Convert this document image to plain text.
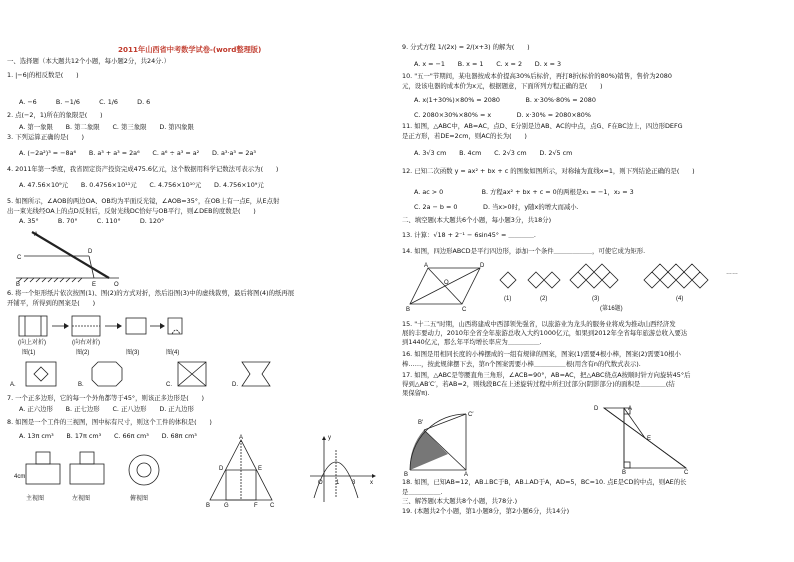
2011年山西省中考数学试卷-(word整理版)
一、选择题（本大题共12个小题，每小题2分，共24分.）
1. |−6|的相反数是(　　)
A. −6　　　B. −1/6　　　C. 1/6　　　D. 6
2. 点(−2，1)所在的象限是(　　)
A. 第一象限　　B. 第二象限　　C. 第三象限　　D. 第四象限
3. 下列运算正确的是(　　)
A. (−2a²)³ = −8a⁶　　B. a³ + a³ = 2a⁶　　C. a⁶ ÷ a³ = a²　　D. a³·a³ = 2a³
4. 2011年第一季度，我省固定资产投资完成475.6亿元，这个数据用科学记数法可表示为(　　)
A. 47.56×10⁹元　　B. 0.4756×10¹¹元　　C. 4.756×10¹⁰元　　D. 4.756×10⁹元
5. 如图所示，∠AOB的两边OA、OB均为平面反光镜，∠AOB=35°，在OB上有一点E，从E点射
出一束光线经OA上的点D反射后，反射光线DC恰好与OB平行，则∠DEB的度数是(　　)
A. 35°　　　B. 70°　　　C. 110°　　　D. 120°
6. 将一个矩形纸片依次按图(1)、图(2)的方式对折，然后沿图(3)中的虚线裁剪，最后将图(4)的纸再展
开铺平，所得到的图案是(　　)
7. 一个正多边形，它的每一个外角都等于45°，则该正多边形是(　　)
A. 正六边形　　B. 正七边形　　C. 正八边形　　D. 正九边形
8. 如图是一个工件的三视图，图中标有尺寸，则这个工件的体积是(　　)
A. 13π cm³　　B. 17π cm³　　C. 66π cm³　　D. 68π cm³
9. 分式方程 1/(2x) = 2/(x+3) 的解为(　　)
A. x = −1　　B. x = 1　　C. x = 2　　D. x = 3
10. "五一"节期间，某电器按成本价提高30%后标价，再打8折(标价的80%)销售，售价为2080
元，设该电器的成本价为x元，根据题意，下面所列方程正确的是(　　)
A. x(1+30%)×80% = 2080　　　　B. x·30%·80% = 2080
C. 2080×30%×80% = x　　　　D. x·30% = 2080×80%
11. 如图，△ABC中，AB=AC，点D、E分别是边AB、AC的中点，点G、F在BC边上，四边形DEFG
是正方形，若DE=2cm，则AC的长为(　　)
A. 3√3 cm　　B. 4cm　　C. 2√3 cm　　D. 2√5 cm
12. 已知二次函数 y = ax² + bx + c 的图象如图所示，对称轴为直线x=1，则下列结论正确的是(　　)
A. ac > 0　　　　　　B. 方程ax² + bx + c = 0的两根是x₁ = −1，x₂ = 3
C. 2a − b = 0　　　　D. 当x>0时，y随x的增大而减小.
二、填空题(本大题共6个小题，每小题3分，共18分)
13. 计算：√18 + 2⁻¹ − 6sin45° = ＿＿＿＿.
14. 如图，四边形ABCD是平行四边形，添加一个条件＿＿＿＿＿＿，可使它成为矩形.
15. "十二五"时期，山西将建成中西部领先强省，以旅游业为龙头的服务业将成为推动山西经济发
展的丰要动力，2010年全省全年旅游总收入大约1000亿元，如果到2012年全省每年旅游总收入要达
到1440亿元，那么年平均增长率应为＿＿＿＿＿.
16. 如图是用相同长度的小棒摆成的一组有规律的图案，图案(1)需要4根小棒，图案(2)需要10根小
棒……，按此规律摆下去，第n个图案需要小棒＿＿＿＿＿根(用含有n的代数式表示).
17. 如图，△ABC是等腰直角三角形，∠ACB=90°，AB=AC，把△ABC绕点A按顺时针方向旋转45°后
得到△AB′C′，若AB=2，则线段BC在上述旋转过程中所扫过部分(阴影部分)的面积是＿＿＿＿(结
果保留π).
18. 如图，已知AB=12，AB⊥BC于B，AB⊥AD于A，AD=5，BC=10. 点E是CD的中点，则AE的长
是＿＿＿＿＿.
三、解答题(本大题共8个小题，共78分.)
19. (本题共2个小题，第1小题8分，第2小题6分，共14分)
A
C
D
E
B	O
(向上对折)	(向右对折)
图(1)	图(2)	图(3)	图(4)
A.	B.	C.	D.
4cm
主视图	左视图	俯视图
A
D	E
B G	F C
y
x
O 1 3
A	D
B	C
O
……
(1)	(2)	(3)	(4)
(第16题)
B	A
B′
C′
D	A
E
B	C
